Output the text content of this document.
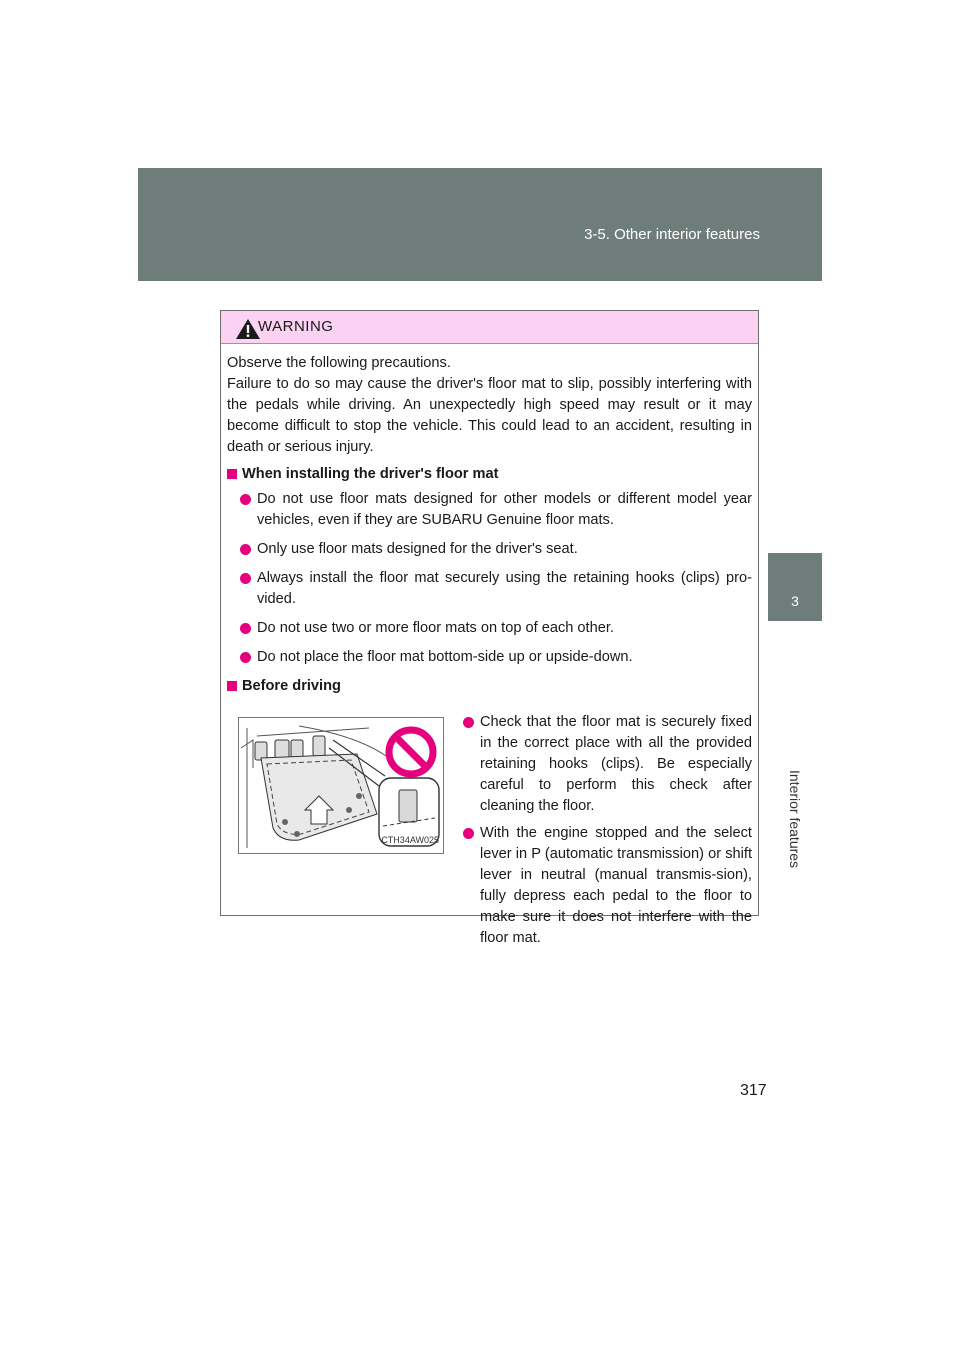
3-5. Other interior features
3
Interior features
WARNING

Observe the following precautions.

Failure to do so may cause the driver's floor mat to slip, possibly interfering with the pedals while driving. An unexpectedly high speed may result or it may become difficult to stop the vehicle. This could lead to an accident, resulting in death or serious injury.

When installing the driver's floor mat
Do not use floor mats designed for other models or different model year vehicles, even if they are SUBARU Genuine floor mats.
Only use floor mats designed for the driver's seat.
Always install the floor mat securely using the retaining hooks (clips) pro-vided.
Do not use two or more floor mats on top of each other.
Do not place the floor mat bottom-side up or upside-down.
Before driving
CTH34AW025
Check that the floor mat is securely fixed in the correct place with all the provided retaining hooks (clips). Be especially careful to perform this check after cleaning the floor.
With the engine stopped and the select lever in P (automatic transmission) or shift lever in neutral (manual transmis-sion), fully depress each pedal to the floor to make sure it does not interfere with the floor mat.
317
